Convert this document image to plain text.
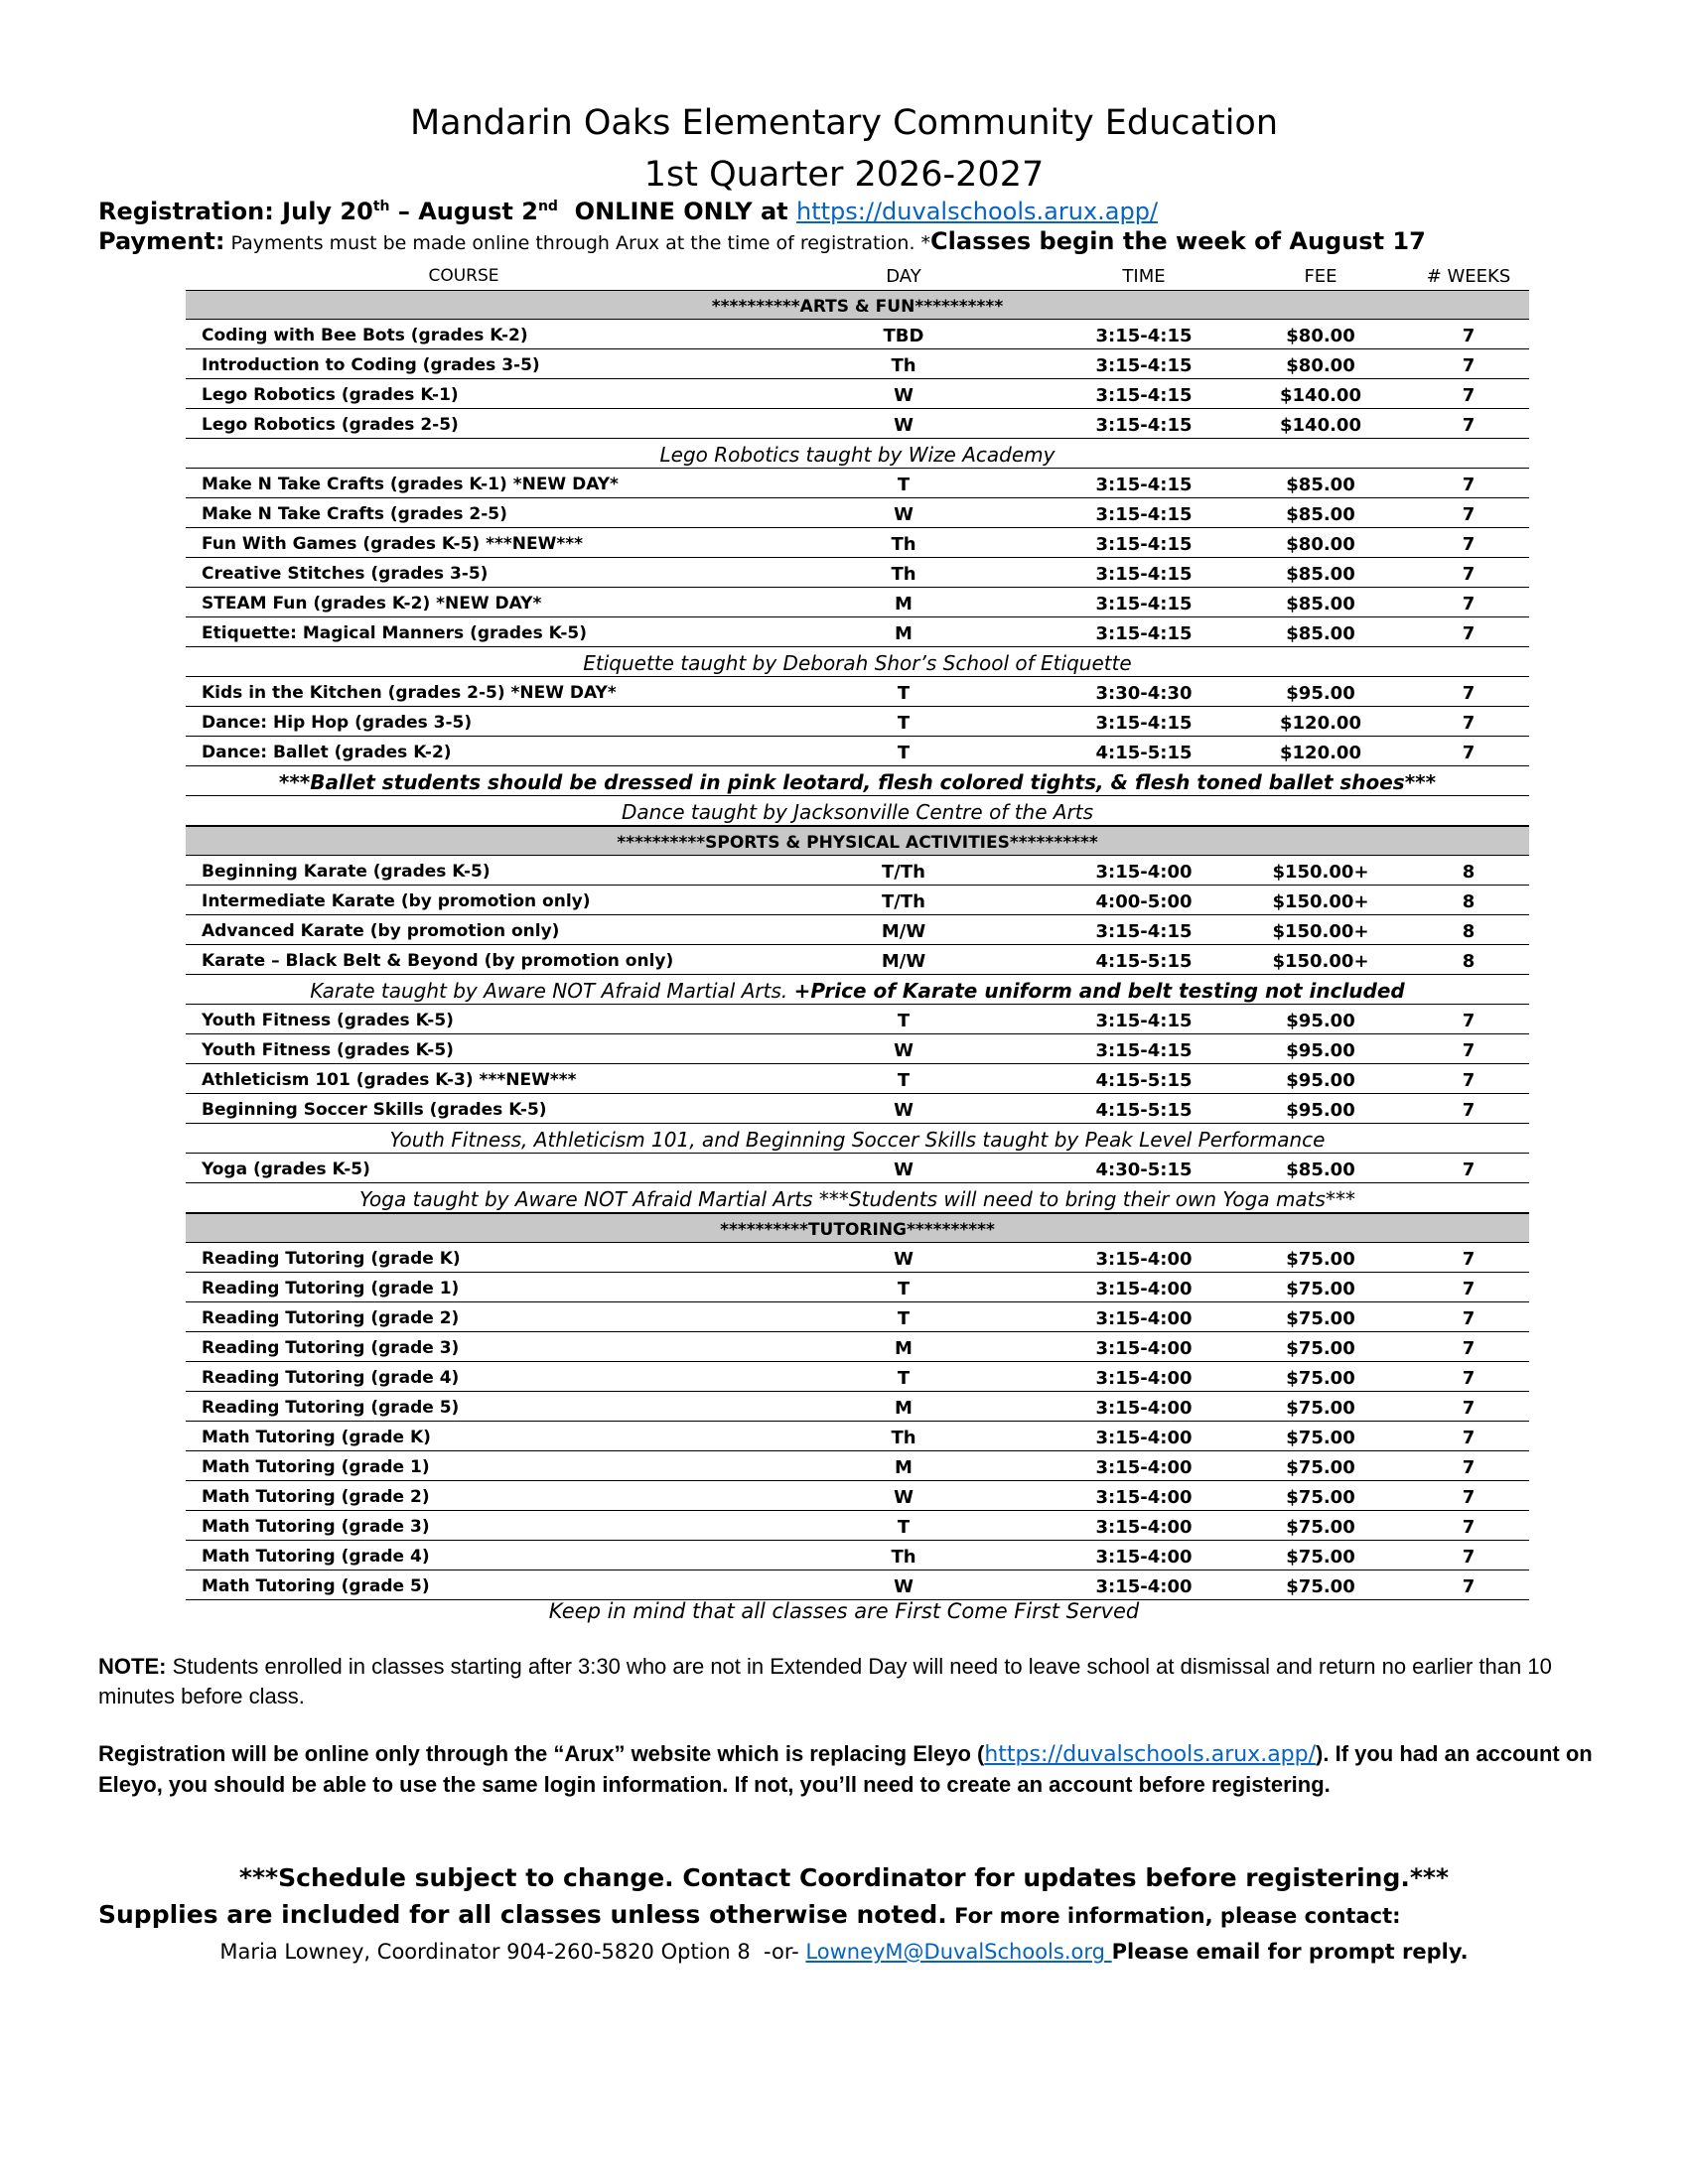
Mandarin Oaks Elementary Community Education
1st Quarter 2026-2027
Registration: July 20th – August 2nd  ONLINE ONLY at https://duvalschools.arux.app/
Payment: Payments must be made online through Arux at the time of registration. *Classes begin the week of August 17
COURSE	DAY	TIME	FEE	# WEEKS
**********ARTS & FUN**********
Coding with Bee Bots (grades K-2)	TBD	3:15-4:15	$80.00	7
Introduction to Coding (grades 3-5)	Th	3:15-4:15	$80.00	7
Lego Robotics (grades K-1)	W	3:15-4:15	$140.00	7
Lego Robotics (grades 2-5)	W	3:15-4:15	$140.00	7
Lego Robotics taught by Wize Academy
Make N Take Crafts (grades K-1) *NEW DAY*	T	3:15-4:15	$85.00	7
Make N Take Crafts (grades 2-5)	W	3:15-4:15	$85.00	7
Fun With Games (grades K-5) ***NEW***	Th	3:15-4:15	$80.00	7
Creative Stitches (grades 3-5)	Th	3:15-4:15	$85.00	7
STEAM Fun (grades K-2) *NEW DAY*	M	3:15-4:15	$85.00	7
Etiquette: Magical Manners (grades K-5)	M	3:15-4:15	$85.00	7
Etiquette taught by Deborah Shor’s School of Etiquette
Kids in the Kitchen (grades 2-5) *NEW DAY*	T	3:30-4:30	$95.00	7
Dance: Hip Hop (grades 3-5)	T	3:15-4:15	$120.00	7
Dance: Ballet (grades K-2)	T	4:15-5:15	$120.00	7
***Ballet students should be dressed in pink leotard, flesh colored tights, & flesh toned ballet shoes***
Dance taught by Jacksonville Centre of the Arts
**********SPORTS & PHYSICAL ACTIVITIES**********
Beginning Karate (grades K-5)	T/Th	3:15-4:00	$150.00+	8
Intermediate Karate (by promotion only)	T/Th	4:00-5:00	$150.00+	8
Advanced Karate (by promotion only)	M/W	3:15-4:15	$150.00+	8
Karate – Black Belt & Beyond (by promotion only)	M/W	4:15-5:15	$150.00+	8
Karate taught by Aware NOT Afraid Martial Arts. +Price of Karate uniform and belt testing not included
Youth Fitness (grades K-5)	T	3:15-4:15	$95.00	7
Youth Fitness (grades K-5)	W	3:15-4:15	$95.00	7
Athleticism 101 (grades K-3) ***NEW***	T	4:15-5:15	$95.00	7
Beginning Soccer Skills (grades K-5)	W	4:15-5:15	$95.00	7
Youth Fitness, Athleticism 101, and Beginning Soccer Skills taught by Peak Level Performance
Yoga (grades K-5)	W	4:30-5:15	$85.00	7
Yoga taught by Aware NOT Afraid Martial Arts ***Students will need to bring their own Yoga mats***
**********TUTORING**********
Reading Tutoring (grade K)	W	3:15-4:00	$75.00	7
Reading Tutoring (grade 1)	T	3:15-4:00	$75.00	7
Reading Tutoring (grade 2)	T	3:15-4:00	$75.00	7
Reading Tutoring (grade 3)	M	3:15-4:00	$75.00	7
Reading Tutoring (grade 4)	T	3:15-4:00	$75.00	7
Reading Tutoring (grade 5)	M	3:15-4:00	$75.00	7
Math Tutoring (grade K)	Th	3:15-4:00	$75.00	7
Math Tutoring (grade 1)	M	3:15-4:00	$75.00	7
Math Tutoring (grade 2)	W	3:15-4:00	$75.00	7
Math Tutoring (grade 3)	T	3:15-4:00	$75.00	7
Math Tutoring (grade 4)	Th	3:15-4:00	$75.00	7
Math Tutoring (grade 5)	W	3:15-4:00	$75.00	7
Keep in mind that all classes are First Come First Served
NOTE: Students enrolled in classes starting after 3:30 who are not in Extended Day will need to leave school at dismissal and return no earlier than 10 minutes before class.
Registration will be online only through the “Arux” website which is replacing Eleyo (https://duvalschools.arux.app/). If you had an account on Eleyo, you should be able to use the same login information. If not, you’ll need to create an account before registering.
***Schedule subject to change. Contact Coordinator for updates before registering.***
Supplies are included for all classes unless otherwise noted. For more information, please contact:
Maria Lowney, Coordinator 904-260-5820 Option 8  -or- LowneyM@DuvalSchools.org Please email for prompt reply.
